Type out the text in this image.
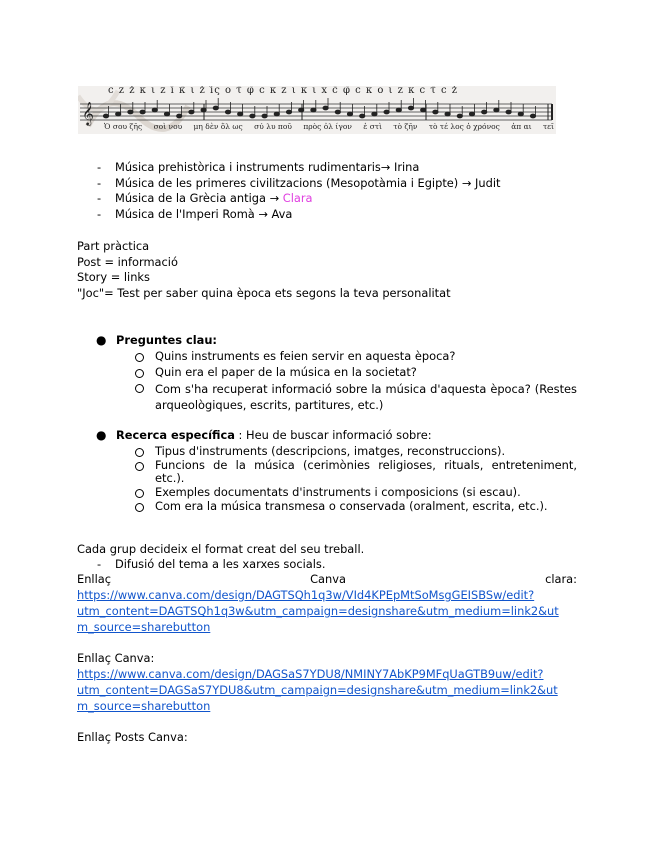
𝄞
c z ž κ ι z ī κ̄ ι ž ĭ̈ς ο τ̄ φ̄ c κ z ι κ ι x c̄ φ̄ c κ ο ι z κ c τ̄ c ž
Ὁ σου ζῆς σοὶ νου μη δὲν ὅλ ως σύ λυ ποῦ πρὸς ὀλ ίγον ἐ στὶ τὸ ζῆν τὸ τέ λος ὁ χρόνος ἀπ αι τεῖ
- Música prehistòrica i instruments rudimentaris→ Irina
- Música de les primeres civilitzacions (Mesopotàmia i Egipte) → Judit
- Música de la Grècia antiga → Clara
- Música de l'Imperi Romà → Ava
Part pràctica
Post = informació
Story = links
"Joc"= Test per saber quina època ets segons la teva personalitat
● Preguntes clau:
Quins instruments es feien servir en aquesta època?
Quin era el paper de la música en la societat?
Com s'ha recuperat informació sobre la música d'aquesta època? (Restes arqueològiques, escrits, partitures, etc.)
● Recerca específica : Heu de buscar informació sobre:
Tipus d'instruments (descripcions, imatges, reconstruccions).
Funcions de la música (cerimònies religioses, rituals, entreteniment, etc.).
Exemples documentats d'instruments i composicions (si escau).
Com era la música transmesa o conservada (oralment, escrita, etc.).
Cada grup decideix el format creat del seu treball.
- Difusió del tema a les xarxes socials.
Enllaç	Canva	clara:
https://www.canva.com/design/DAGTSQh1q3w/VId4KPEpMtSoMsgGEISBSw/edit?
utm_content=DAGTSQh1q3w&utm_campaign=designshare&utm_medium=link2&ut
m_source=sharebutton
Enllaç Canva:
https://www.canva.com/design/DAGSaS7YDU8/NMINY7AbKP9MFqUaGTB9uw/edit?
utm_content=DAGSaS7YDU8&utm_campaign=designshare&utm_medium=link2&ut
m_source=sharebutton
Enllaç Posts Canva:
